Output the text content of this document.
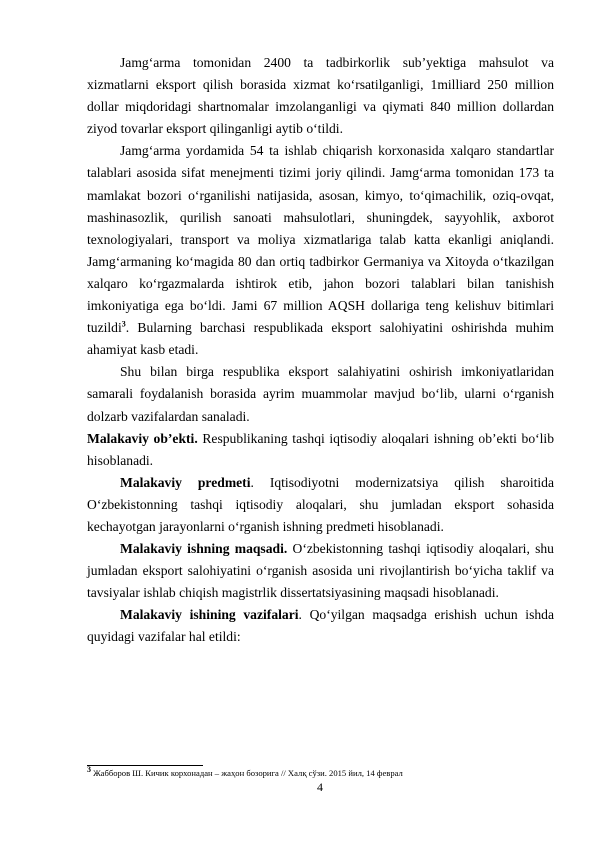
Jamg‘arma tomonidan 2400 ta tadbirkorlik sub’yektiga mahsulot va xizmatlarni eksport qilish borasida xizmat ko‘rsatilganligi, 1milliard 250 million dollar miqdoridagi shartnomalar imzolanganligi va qiymati 840 million dollardan ziyod tovarlar eksport qilinganligi aytib o‘tildi.

Jamg‘arma yordamida 54 ta ishlab chiqarish korxonasida xalqaro standartlar talablari asosida sifat menejmenti tizimi joriy qilindi. Jamg‘arma tomonidan 173 ta mamlakat bozori o‘rganilishi natijasida, asosan, kimyo, to‘qimachilik, oziq-ovqat, mashinasozlik, qurilish sanoati mahsulotlari, shuningdek, sayyohlik, axborot texnologiyalari, transport va moliya xizmatlariga talab katta ekanligi aniqlandi. Jamg‘armaning ko‘magida 80 dan ortiq tadbirkor Germaniya va Xitoyda o‘tkazilgan xalqaro ko‘rgazmalarda ishtirok etib, jahon bozori talablari bilan tanishish imkoniyatiga ega bo‘ldi. Jami 67 million AQSH dollariga teng kelishuv bitimlari tuzildi$^3$. Bularning barchasi respublikada eksport salohiyatini oshirishda muhim ahamiyat kasb etadi.

Shu bilan birga respublika eksport salahiyatini oshirish imkoniyatlaridan samarali foydalanish borasida ayrim muammolar mavjud bo‘lib, ularni o‘rganish dolzarb vazifalardan sanaladi.

Malakaviy ob’ekti. Respublikaning tashqi iqtisodiy aloqalari ishning ob’ekti bo‘lib hisoblanadi.

Malakaviy predmeti. Iqtisodiyotni modernizatsiya qilish sharoitida O‘zbekistonning tashqi iqtisodiy aloqalari, shu jumladan eksport sohasida kechayotgan jarayonlarni o‘rganish ishning predmeti hisoblanadi.

Malakaviy ishning maqsadi. O‘zbekistonning tashqi iqtisodiy aloqalari, shu jumladan eksport salohiyatini o‘rganish asosida uni rivojlantirish bo‘yicha taklif va tavsiyalar ishlab chiqish magistrlik dissertatsiyasining maqsadi hisoblanadi.

Malakaviy ishining vazifalari. Qo‘yilgan maqsadga erishish uchun ishda quyidagi vazifalar hal etildi:

$^3$ Жабборов Ш. Кичик корхонадан – жаҳон бозорига // Халқ сўзи. 2015 йил, 14 феврал
4
